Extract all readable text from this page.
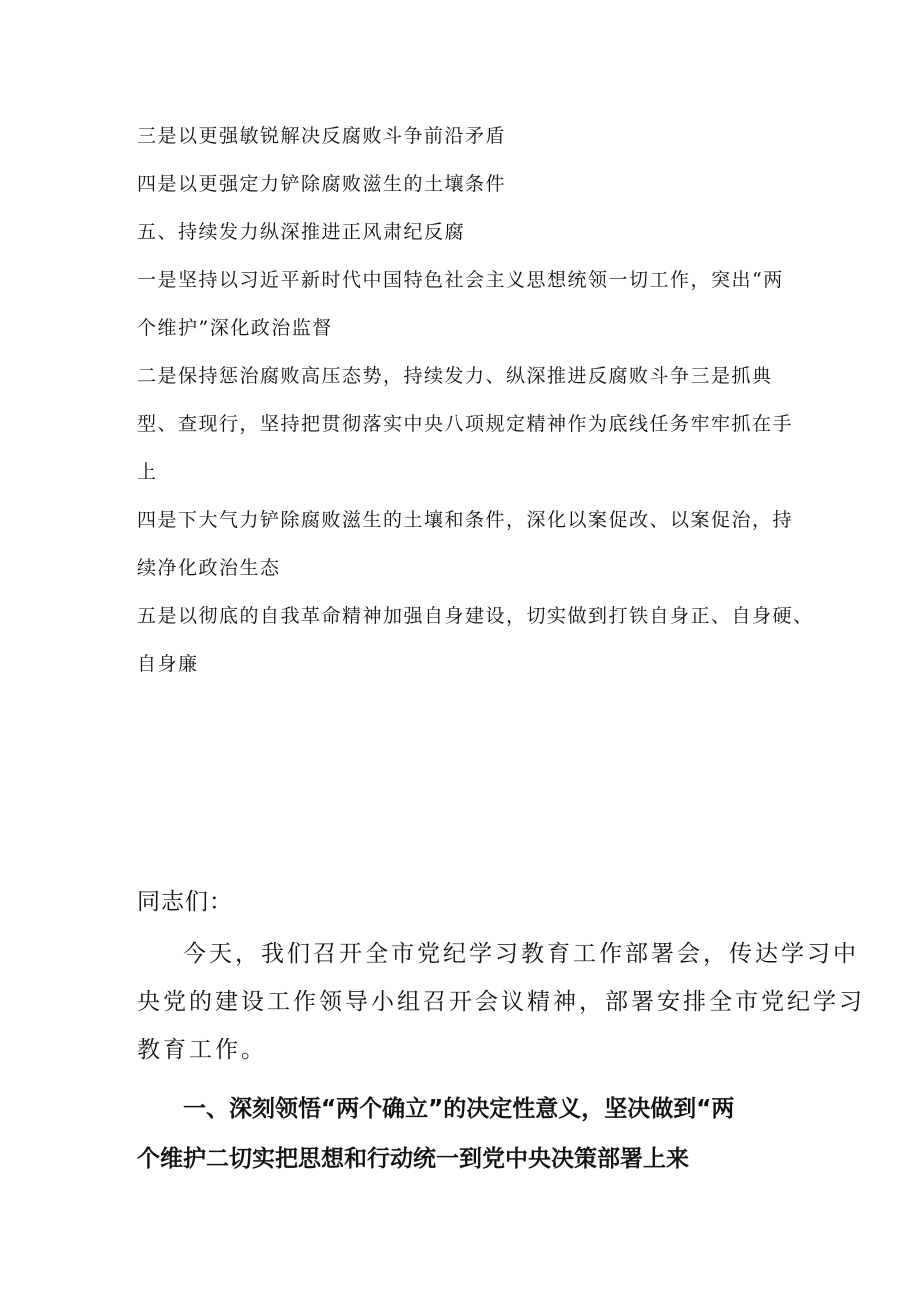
三是以更强敏锐解决反腐败斗争前沿矛盾

四是以更强定力铲除腐败滋生的土壤条件

五、持续发力纵深推进正风肃纪反腐

一是坚持以习近平新时代中国特色社会主义思想统领一切工作，突出“两

个维护”深化政治监督

二是保持惩治腐败高压态势，持续发力、纵深推进反腐败斗争三是抓典

型、查现行，坚持把贯彻落实中央八项规定精神作为底线任务牢牢抓在手

上

四是下大气力铲除腐败滋生的土壤和条件，深化以案促改、以案促治，持

续净化政治生态

五是以彻底的自我革命精神加强自身建设，切实做到打铁自身正、自身硬、

自身廉

同志们：

今天，我们召开全市党纪学习教育工作部署会，传达学习中
央党的建设工作领导小组召开会议精神，部署安排全市党纪学习
教育工作。

一、深刻领悟“两个确立”的决定性意义，坚决做到“两
个维护二切实把思想和行动统一到党中央决策部署上来
